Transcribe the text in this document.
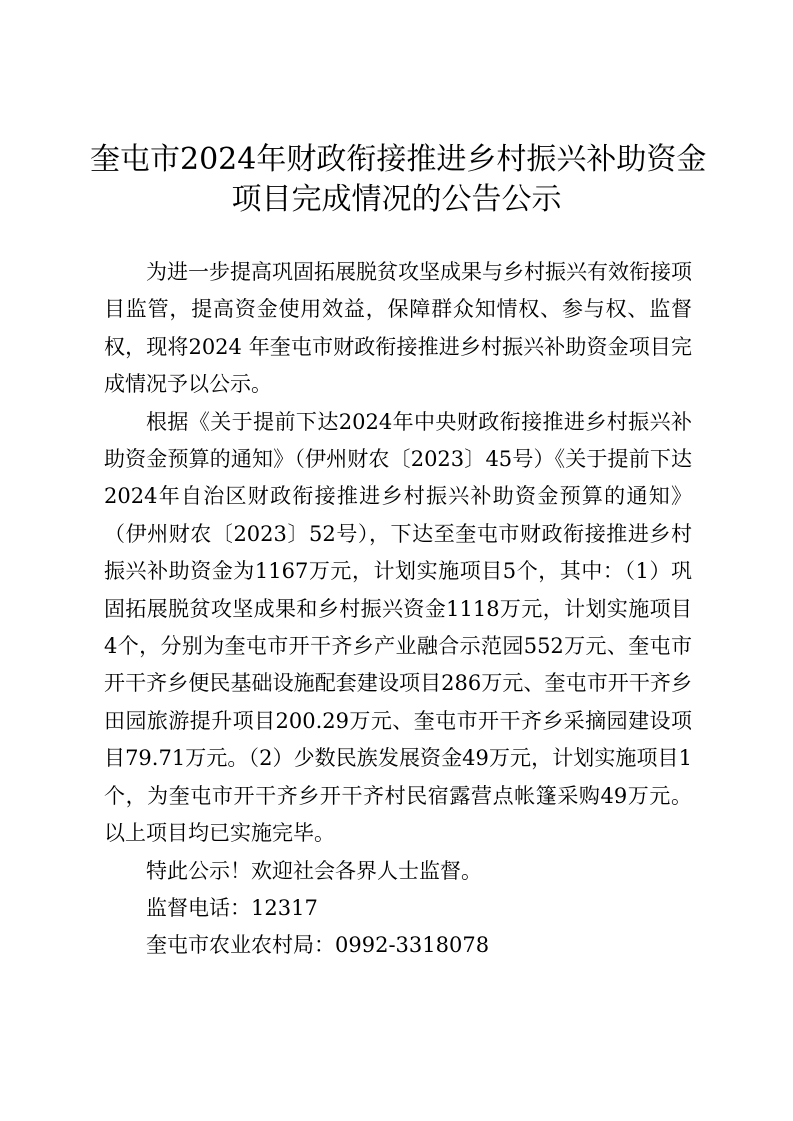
奎屯市2024年财政衔接推进乡村振兴补助资金
项目完成情况的公告公示

为进一步提高巩固拓展脱贫攻坚成果与乡村振兴有效衔接项目监管，提高资金使用效益，保障群众知情权、参与权、监督权，现将2024 年奎屯市财政衔接推进乡村振兴补助资金项目完成情况予以公示。

根据《关于提前下达2024年中央财政衔接推进乡村振兴补助资金预算的通知》（伊州财农〔2023〕45号）《关于提前下达2024年自治区财政衔接推进乡村振兴补助资金预算的通知》（伊州财农〔2023〕52号），下达至奎屯市财政衔接推进乡村振兴补助资金为1167万元，计划实施项目5个，其中：（1）巩固拓展脱贫攻坚成果和乡村振兴资金1118万元，计划实施项目4个，分别为奎屯市开干齐乡产业融合示范园552万元、奎屯市开干齐乡便民基础设施配套建设项目286万元、奎屯市开干齐乡田园旅游提升项目200.29万元、奎屯市开干齐乡采摘园建设项目79.71万元。（2）少数民族发展资金49万元，计划实施项目1个，为奎屯市开干齐乡开干齐村民宿露营点帐篷采购49万元。以上项目均已实施完毕。

特此公示！欢迎社会各界人士监督。

监督电话：12317

奎屯市农业农村局：0992-3318078
